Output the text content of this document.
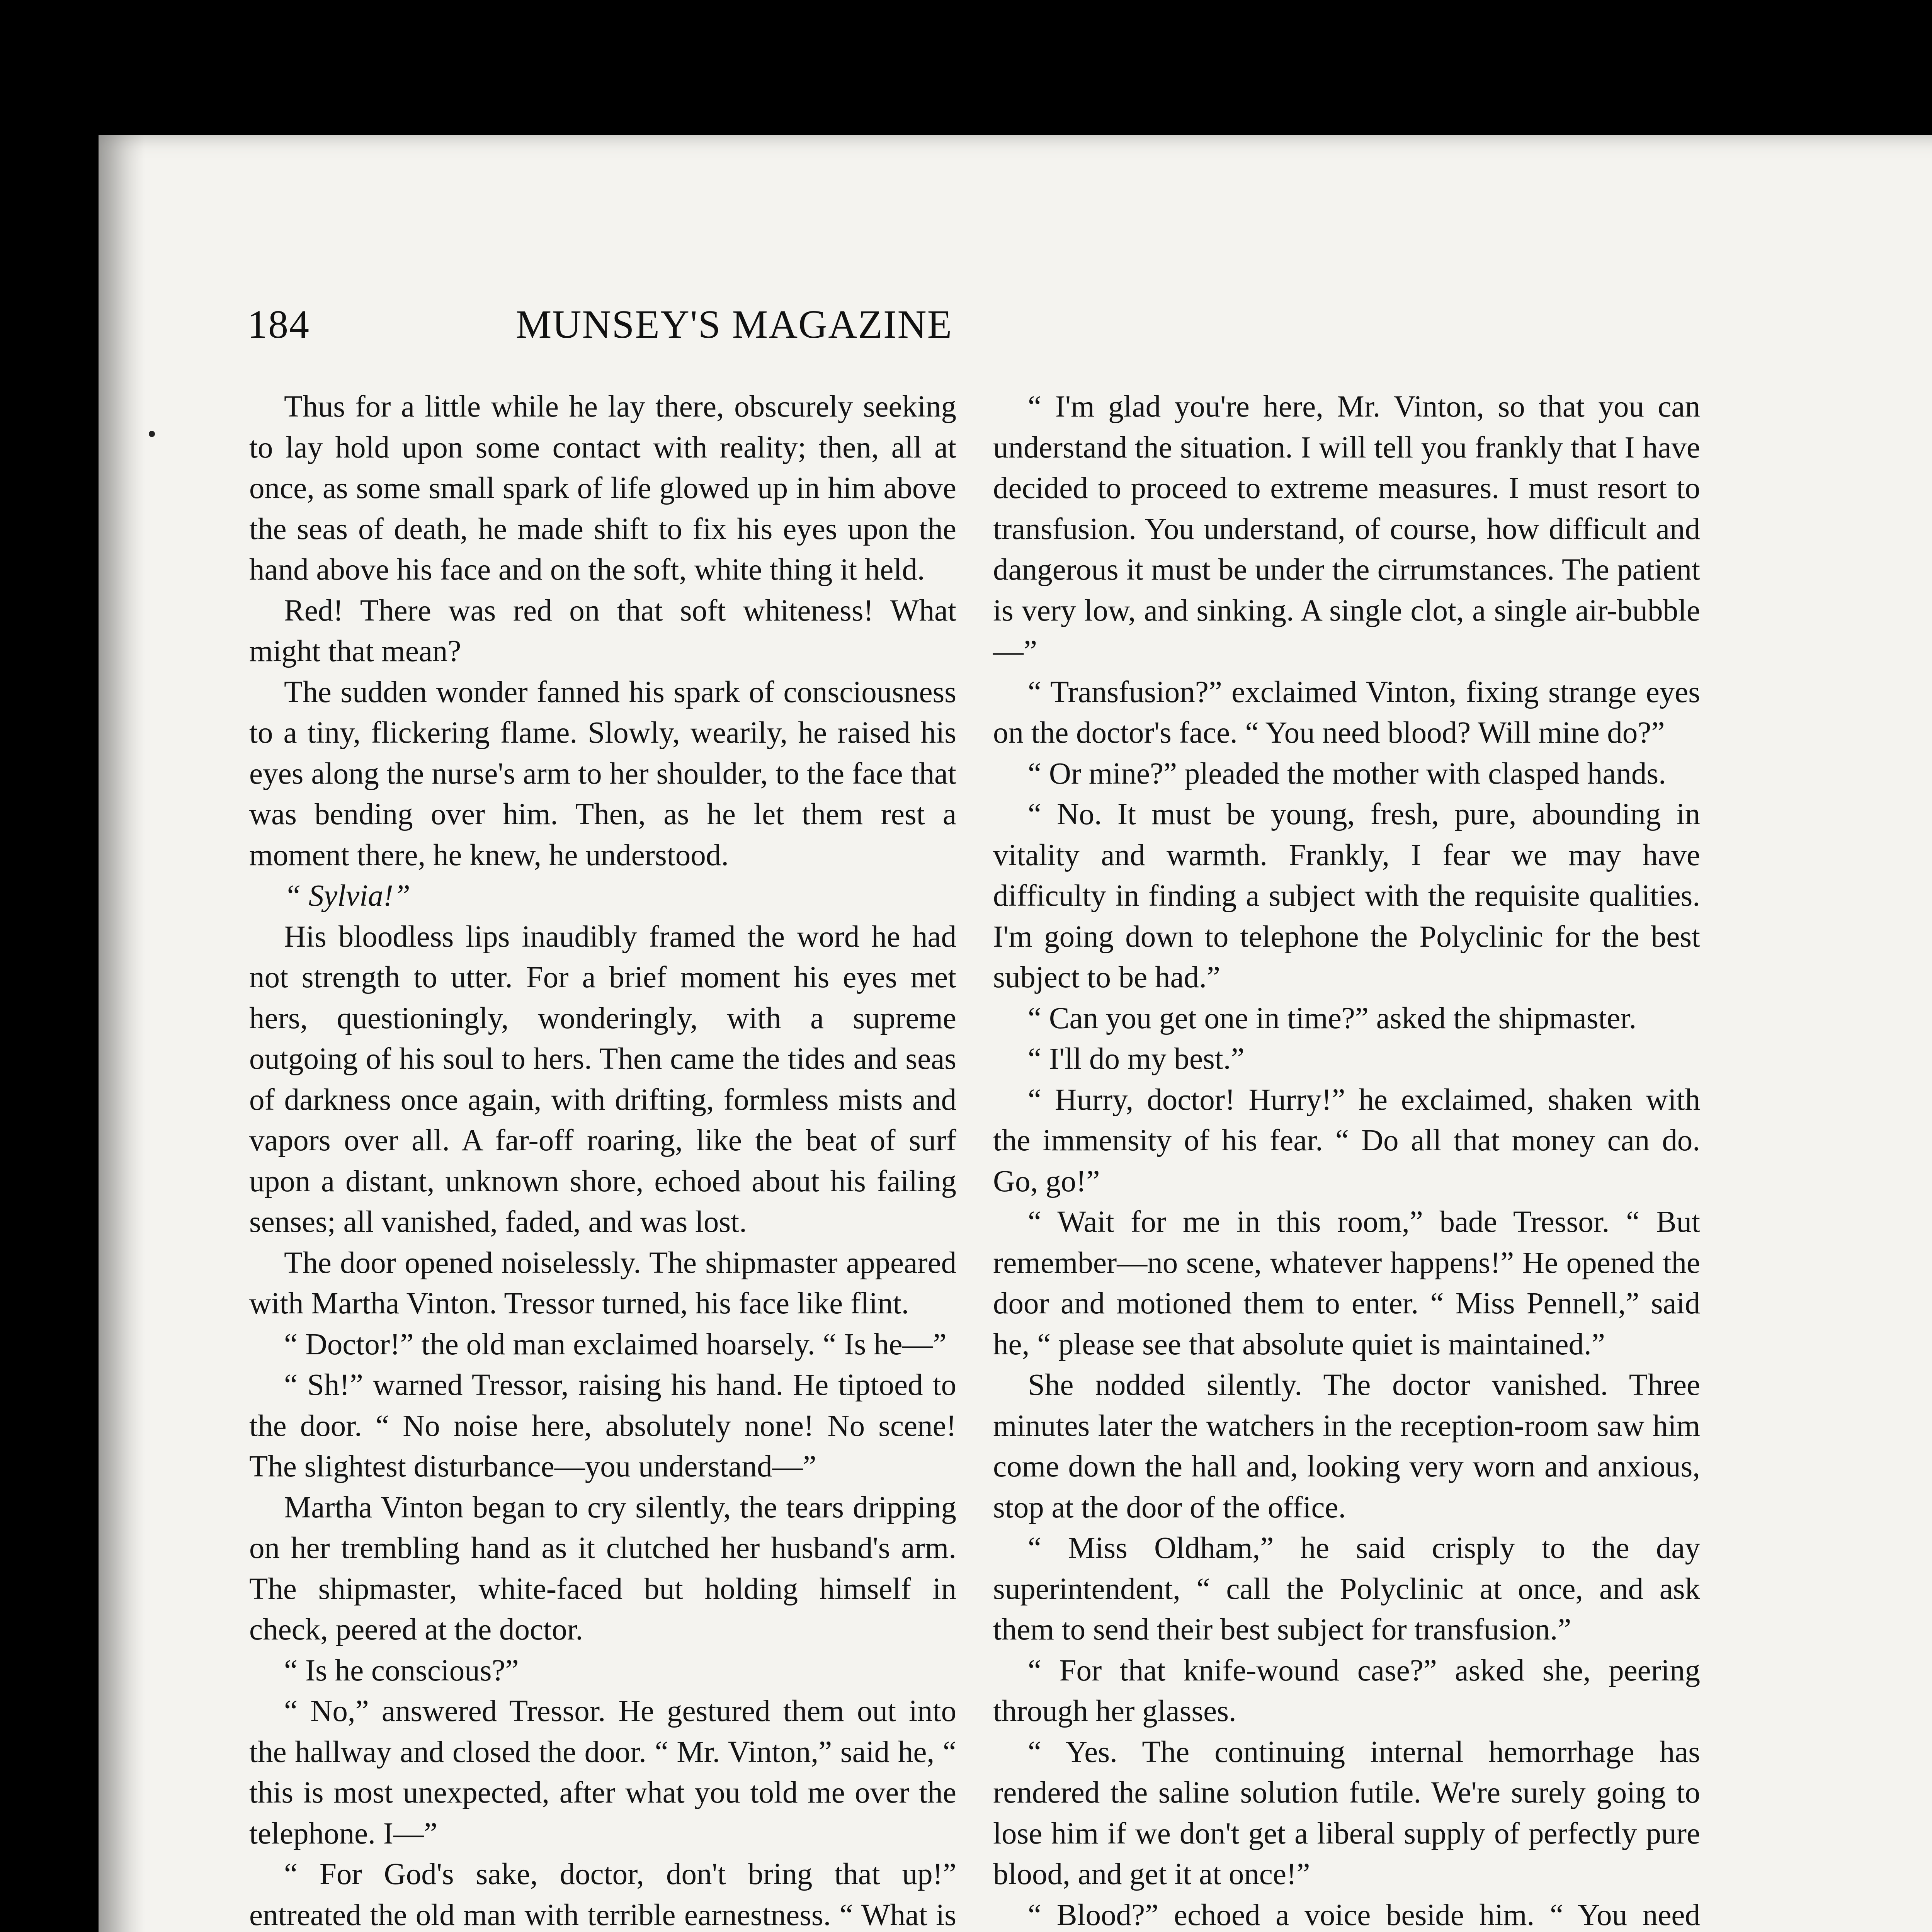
184	MUNSEY'S MAGAZINE

Thus for a little while he lay there, obscurely seeking to lay hold upon some contact with reality; then, all at once, as some small spark of life glowed up in him above the seas of death, he made shift to fix his eyes upon the hand above his face and on the soft, white thing it held.

Red! There was red on that soft whiteness! What might that mean?

The sudden wonder fanned his spark of consciousness to a tiny, flickering flame. Slowly, wearily, he raised his eyes along the nurse's arm to her shoulder, to the face that was bending over him. Then, as he let them rest a moment there, he knew, he understood.

“ Sylvia!”

His bloodless lips inaudibly framed the word he had not strength to utter. For a brief moment his eyes met hers, questioningly, wonderingly, with a supreme outgoing of his soul to hers. Then came the tides and seas of darkness once again, with drifting, formless mists and vapors over all. A far-off roaring, like the beat of surf upon a distant, unknown shore, echoed about his failing senses; all vanished, faded, and was lost.

The door opened noiselessly. The shipmaster appeared with Martha Vinton. Tressor turned, his face like flint.

“ Doctor!” the old man exclaimed hoarsely. “ Is he—”

“ Sh!” warned Tressor, raising his hand. He tiptoed to the door. “ No noise here, absolutely none! No scene! The slightest disturbance—you understand—”

Martha Vinton began to cry silently, the tears dripping on her trembling hand as it clutched her husband's arm. The shipmaster, white-faced but holding himself in check, peered at the doctor.

“ Is he conscious?”

“ No,” answered Tressor. He gestured them out into the hallway and closed the door. “ Mr. Vinton,” said he, “ this is most unexpected, after what you told me over the telephone. I—”

“ For God's sake, doctor, don't bring that up!” entreated the old man with terrible earnestness. “ What is

“ I'm glad you're here, Mr. Vinton, so that you can understand the situation. I will tell you frankly that I have decided to proceed to extreme measures. I must resort to transfusion. You understand, of course, how difficult and dangerous it must be under the cirrumstances. The patient is very low, and sinking. A single clot, a single air-bubble—”

“ Transfusion?” exclaimed Vinton, fixing strange eyes on the doctor's face. “ You need blood? Will mine do?”

“ Or mine?” pleaded the mother with clasped hands.

“ No. It must be young, fresh, pure, abounding in vitality and warmth. Frankly, I fear we may have difficulty in finding a subject with the requisite qualities. I'm going down to telephone the Polyclinic for the best subject to be had.”

“ Can you get one in time?” asked the shipmaster.

“ I'll do my best.”

“ Hurry, doctor! Hurry!” he exclaimed, shaken with the immensity of his fear. “ Do all that money can do. Go, go!”

“ Wait for me in this room,” bade Tressor. “ But remember—no scene, whatever happens!” He opened the door and motioned them to enter. “ Miss Pennell,” said he, “ please see that absolute quiet is maintained.”

She nodded silently. The doctor vanished. Three minutes later the watchers in the reception-room saw him come down the hall and, looking very worn and anxious, stop at the door of the office.

“ Miss Oldham,” he said crisply to the day superintendent, “ call the Polyclinic at once, and ask them to send their best subject for transfusion.”

“ For that knife-wound case?” asked she, peering through her glasses.

“ Yes. The continuing internal hemorrhage has rendered the saline solution futile. We're surely going to lose him if we don't get a liberal supply of perfectly pure blood, and get it at once!”

“ Blood?” echoed a voice beside him. “ You need
